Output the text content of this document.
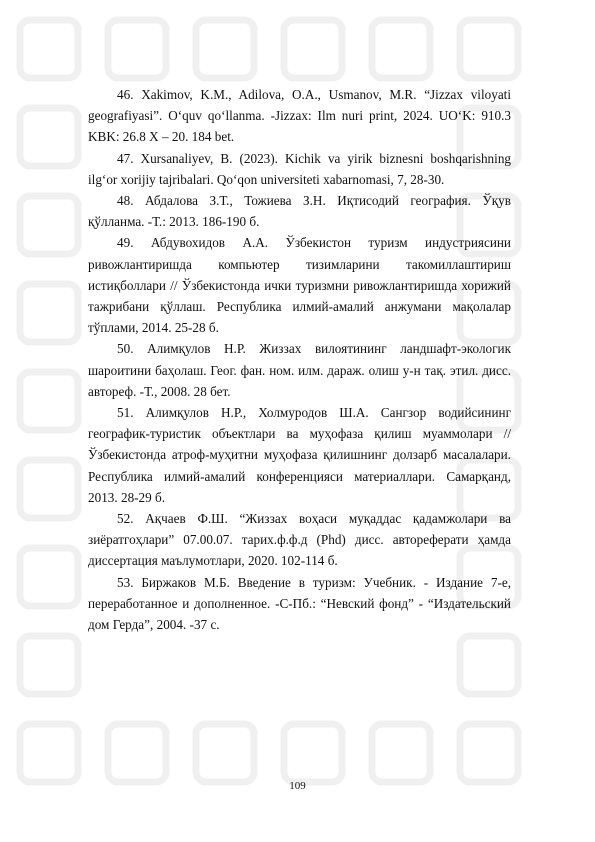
46. Xakimov, K.M., Adilova, O.A., Usmanov, M.R. “Jizzax viloyati geografiyasi”. O‘quv qo‘llanma. -Jizzax: Ilm nuri print, 2024. UO‘K: 910.3 KBK: 26.8 X – 20. 184 bet.

47. Xursanaliyev, B. (2023). Kichik va yirik biznesni boshqarishning ilg‘or xorijiy tajribalari. Qo‘qon universiteti xabarnomasi, 7, 28-30.

48. Абдалова З.Т., Тожиева З.Н. Иқтисодий география. Ўқув қўлланма. -Т.: 2013. 186-190 б.

49. Абдувохидов А.А. Ўзбекистон туризм индустриясини ривожлантиришда компьютер тизимларини такомиллаштириш истиқболлари // Ўзбекистонда ички туризмни ривожлантиришда хорижий тажрибани қўллаш. Республика илмий-амалий анжумани мақолалар тўплами, 2014. 25-28 б.

50. Алимқулов Н.Р. Жиззах вилоятининг ландшафт-экологик шароитини баҳолаш. Геог. фан. ном. илм. дараж. олиш у-н тақ. этил. дисс. автореф. -Т., 2008. 28 бет.

51. Алимқулов Н.Р., Холмуродов Ш.А. Сангзор водийсининг географик-туристик объектлари ва муҳофаза қилиш муаммолари // Ўзбекистонда атроф-муҳитни муҳофаза қилишнинг долзарб масалалари. Республика илмий-амалий конференцияси материаллари. Самарқанд, 2013. 28-29 б.

52. Ақчаев Ф.Ш. “Жиззах воҳаси муқаддас қадамжолари ва зиёратгоҳлари” 07.00.07. тарих.ф.ф.д (Phd) дисс. автореферати ҳамда диссертация маълумотлари, 2020. 102-114 б.

53. Биржаков М.Б. Введение в туризм: Учебник. - Издание 7-е, переработанное и дополненное. -С-Пб.: “Невский фонд” - “Издательский дом Герда”, 2004. -37 с.

109
